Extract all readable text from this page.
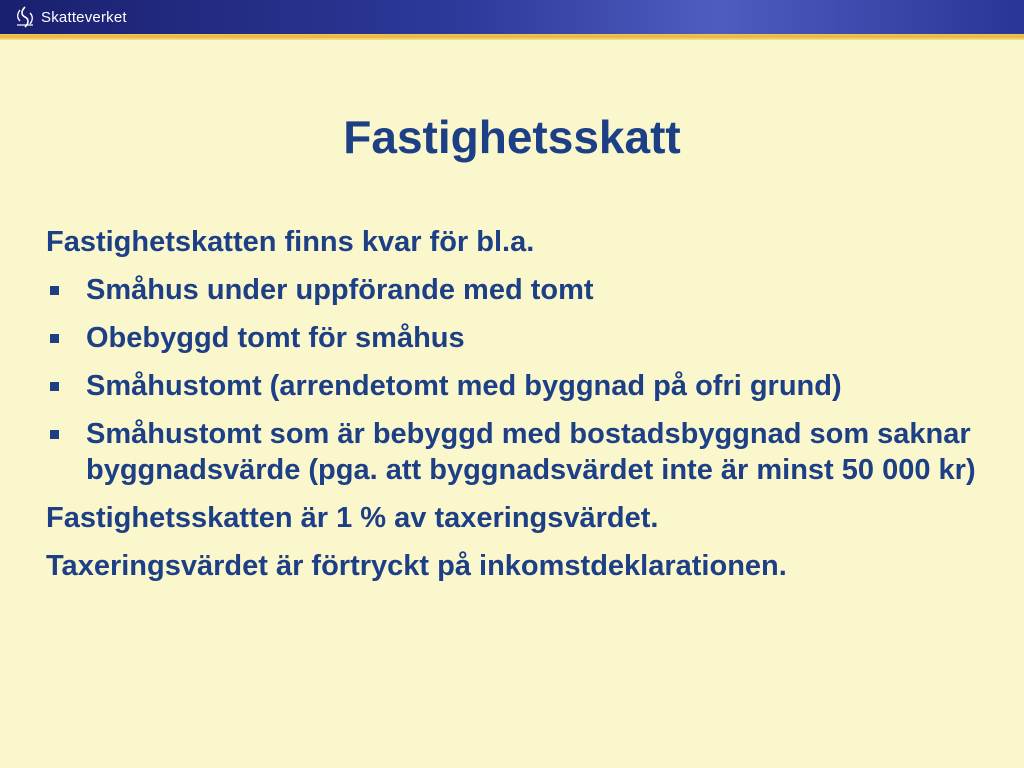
Skatteverket
Fastighetsskatt

Fastighetskatten finns kvar för bl.a.

Småhus under uppförande med tomt
Obebyggd tomt för småhus
Småhustomt (arrendetomt med byggnad på ofri grund)
Småhustomt som är bebyggd med bostadsbyggnad som saknar byggnadsvärde (pga. att byggnadsvärdet inte är minst 50 000 kr)

Fastighetsskatten är 1 % av taxeringsvärdet.

Taxeringsvärdet är förtryckt på inkomstdeklarationen.
